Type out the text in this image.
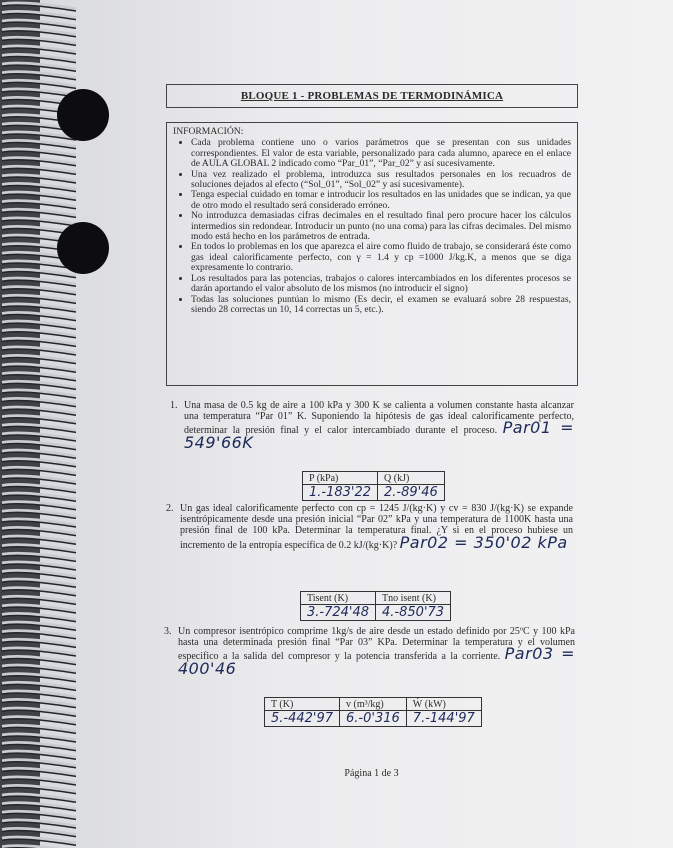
BLOQUE 1 - PROBLEMAS DE TERMODINÁMICA
INFORMACIÓN:
• Cada problema contiene uno o varios parámetros que se presentan con sus unidades correspondientes. El valor de esta variable, personalizado para cada alumno, aparece en el enlace de AULA GLOBAL 2 indicado como “Par_01”, “Par_02” y así sucesivamente.
• Una vez realizado el problema, introduzca sus resultados personales en los recuadros de soluciones dejados al efecto (“Sol_01”, “Sol_02” y así sucesivamente).
• Tenga especial cuidado en tomar e introducir los resultados en las unidades que se indican, ya que de otro modo el resultado será considerado erróneo.
• No introduzca demasiadas cifras decimales en el resultado final pero procure hacer los cálculos intermedios sin redondear. Introducir un punto (no una coma) para las cifras decimales. Del mismo modo está hecho en los parámetros de entrada.
• En todos lo problemas en los que aparezca el aire como fluido de trabajo, se considerará éste como gas ideal calorificamente perfecto, con γ = 1.4 y cp =1000 J/kg.K, a menos que se diga expresamente lo contrario.
• Los resultados para las potencias, trabajos o calores intercambiados en los diferentes procesos se darán aportando el valor absoluto de los mismos (no introducir el signo)
• Todas las soluciones puntúan lo mismo (Es decir, el examen se evaluará sobre 28 respuestas, siendo 28 correctas un 10, 14 correctas un 5, etc.).
1. Una masa de 0.5 kg de aire a 100 kPa y 300 K se calienta a volumen constante hasta alcanzar una temperatura “Par 01” K. Suponiendo la hipótesis de gas ideal calorificamente perfecto, determinar la presión final y el calor intercambiado durante el proceso. Par01 = 549'66K
P (kPa)	Q (kJ)
1.-183'22	2.-89'46
2. Un gas ideal calorificamente perfecto con cp = 1245 J/(kg·K) y cv = 830 J/(kg·K) se expande isentrópicamente desde una presión inicial “Par 02” kPa y una temperatura de 1100K hasta una presión final de 100 kPa. Determinar la temperatura final. ¿Y si en el proceso hubiese un incremento de la entropía específica de 0.2 kJ/(kg·K)? Par02 = 350'02 kPa
Tisent (K)	Tno isent (K)
3.-724'48	4.-850'73
3. Un compresor isentrópico comprime 1kg/s de aire desde un estado definido por 25ºC y 100 kPa hasta una determinada presión final “Par 03” KPa. Determinar la temperatura y el volumen especifico a la salida del compresor y la potencia transferida a la corriente. Par03 = 400'46
T (K)	v (m³/kg)	Ẇ (kW)
5.-442'97	6.-0'316	7.-144'97
Página 1 de 3
